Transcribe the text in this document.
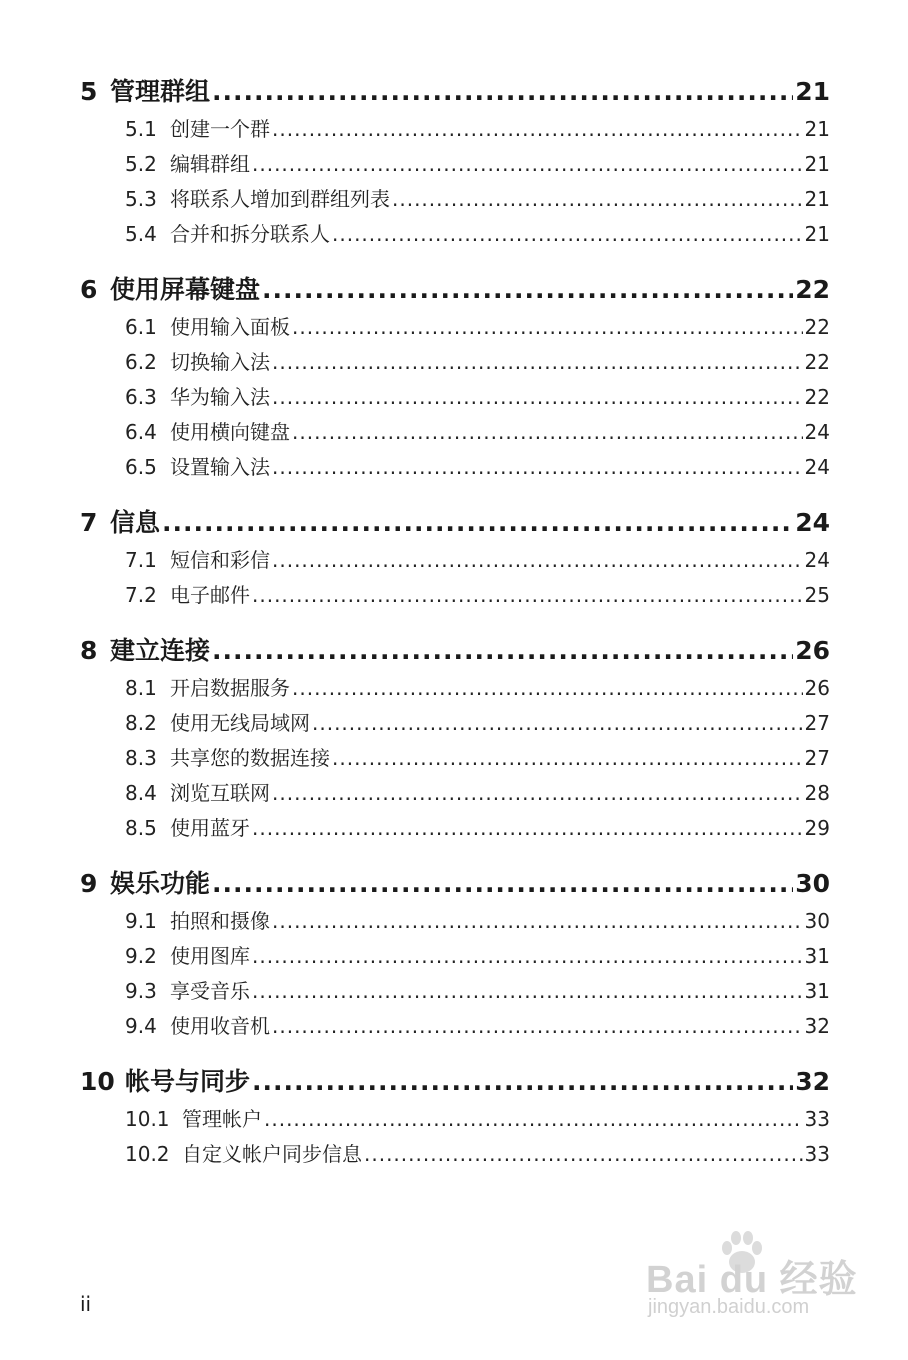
5 管理群组 .....	21
5.1 创建一个群 .....	21
5.2 编辑群组 .....	21
5.3 将联系人增加到群组列表 .....	21
5.4 合并和拆分联系人 .....	21
6 使用屏幕键盘 .....	22
6.1 使用输入面板 .....	22
6.2 切换输入法 .....	22
6.3 华为输入法 .....	22
6.4 使用横向键盘 .....	24
6.5 设置输入法 .....	24
7 信息 .....	24
7.1 短信和彩信 .....	24
7.2 电子邮件 .....	25
8 建立连接 .....	26
8.1 开启数据服务 .....	26
8.2 使用无线局域网 .....	27
8.3 共享您的数据连接 .....	27
8.4 浏览互联网 .....	28
8.5 使用蓝牙 .....	29
9 娱乐功能 .....	30
9.1 拍照和摄像 .....	30
9.2 使用图库 .....	31
9.3 享受音乐 .....	31
9.4 使用收音机 .....	32
10 帐号与同步 .....	32
10.1 管理帐户 .....	33
10.2 自定义帐户同步信息 .....	33
ii
Bai du 经验
jingyan.baidu.com
